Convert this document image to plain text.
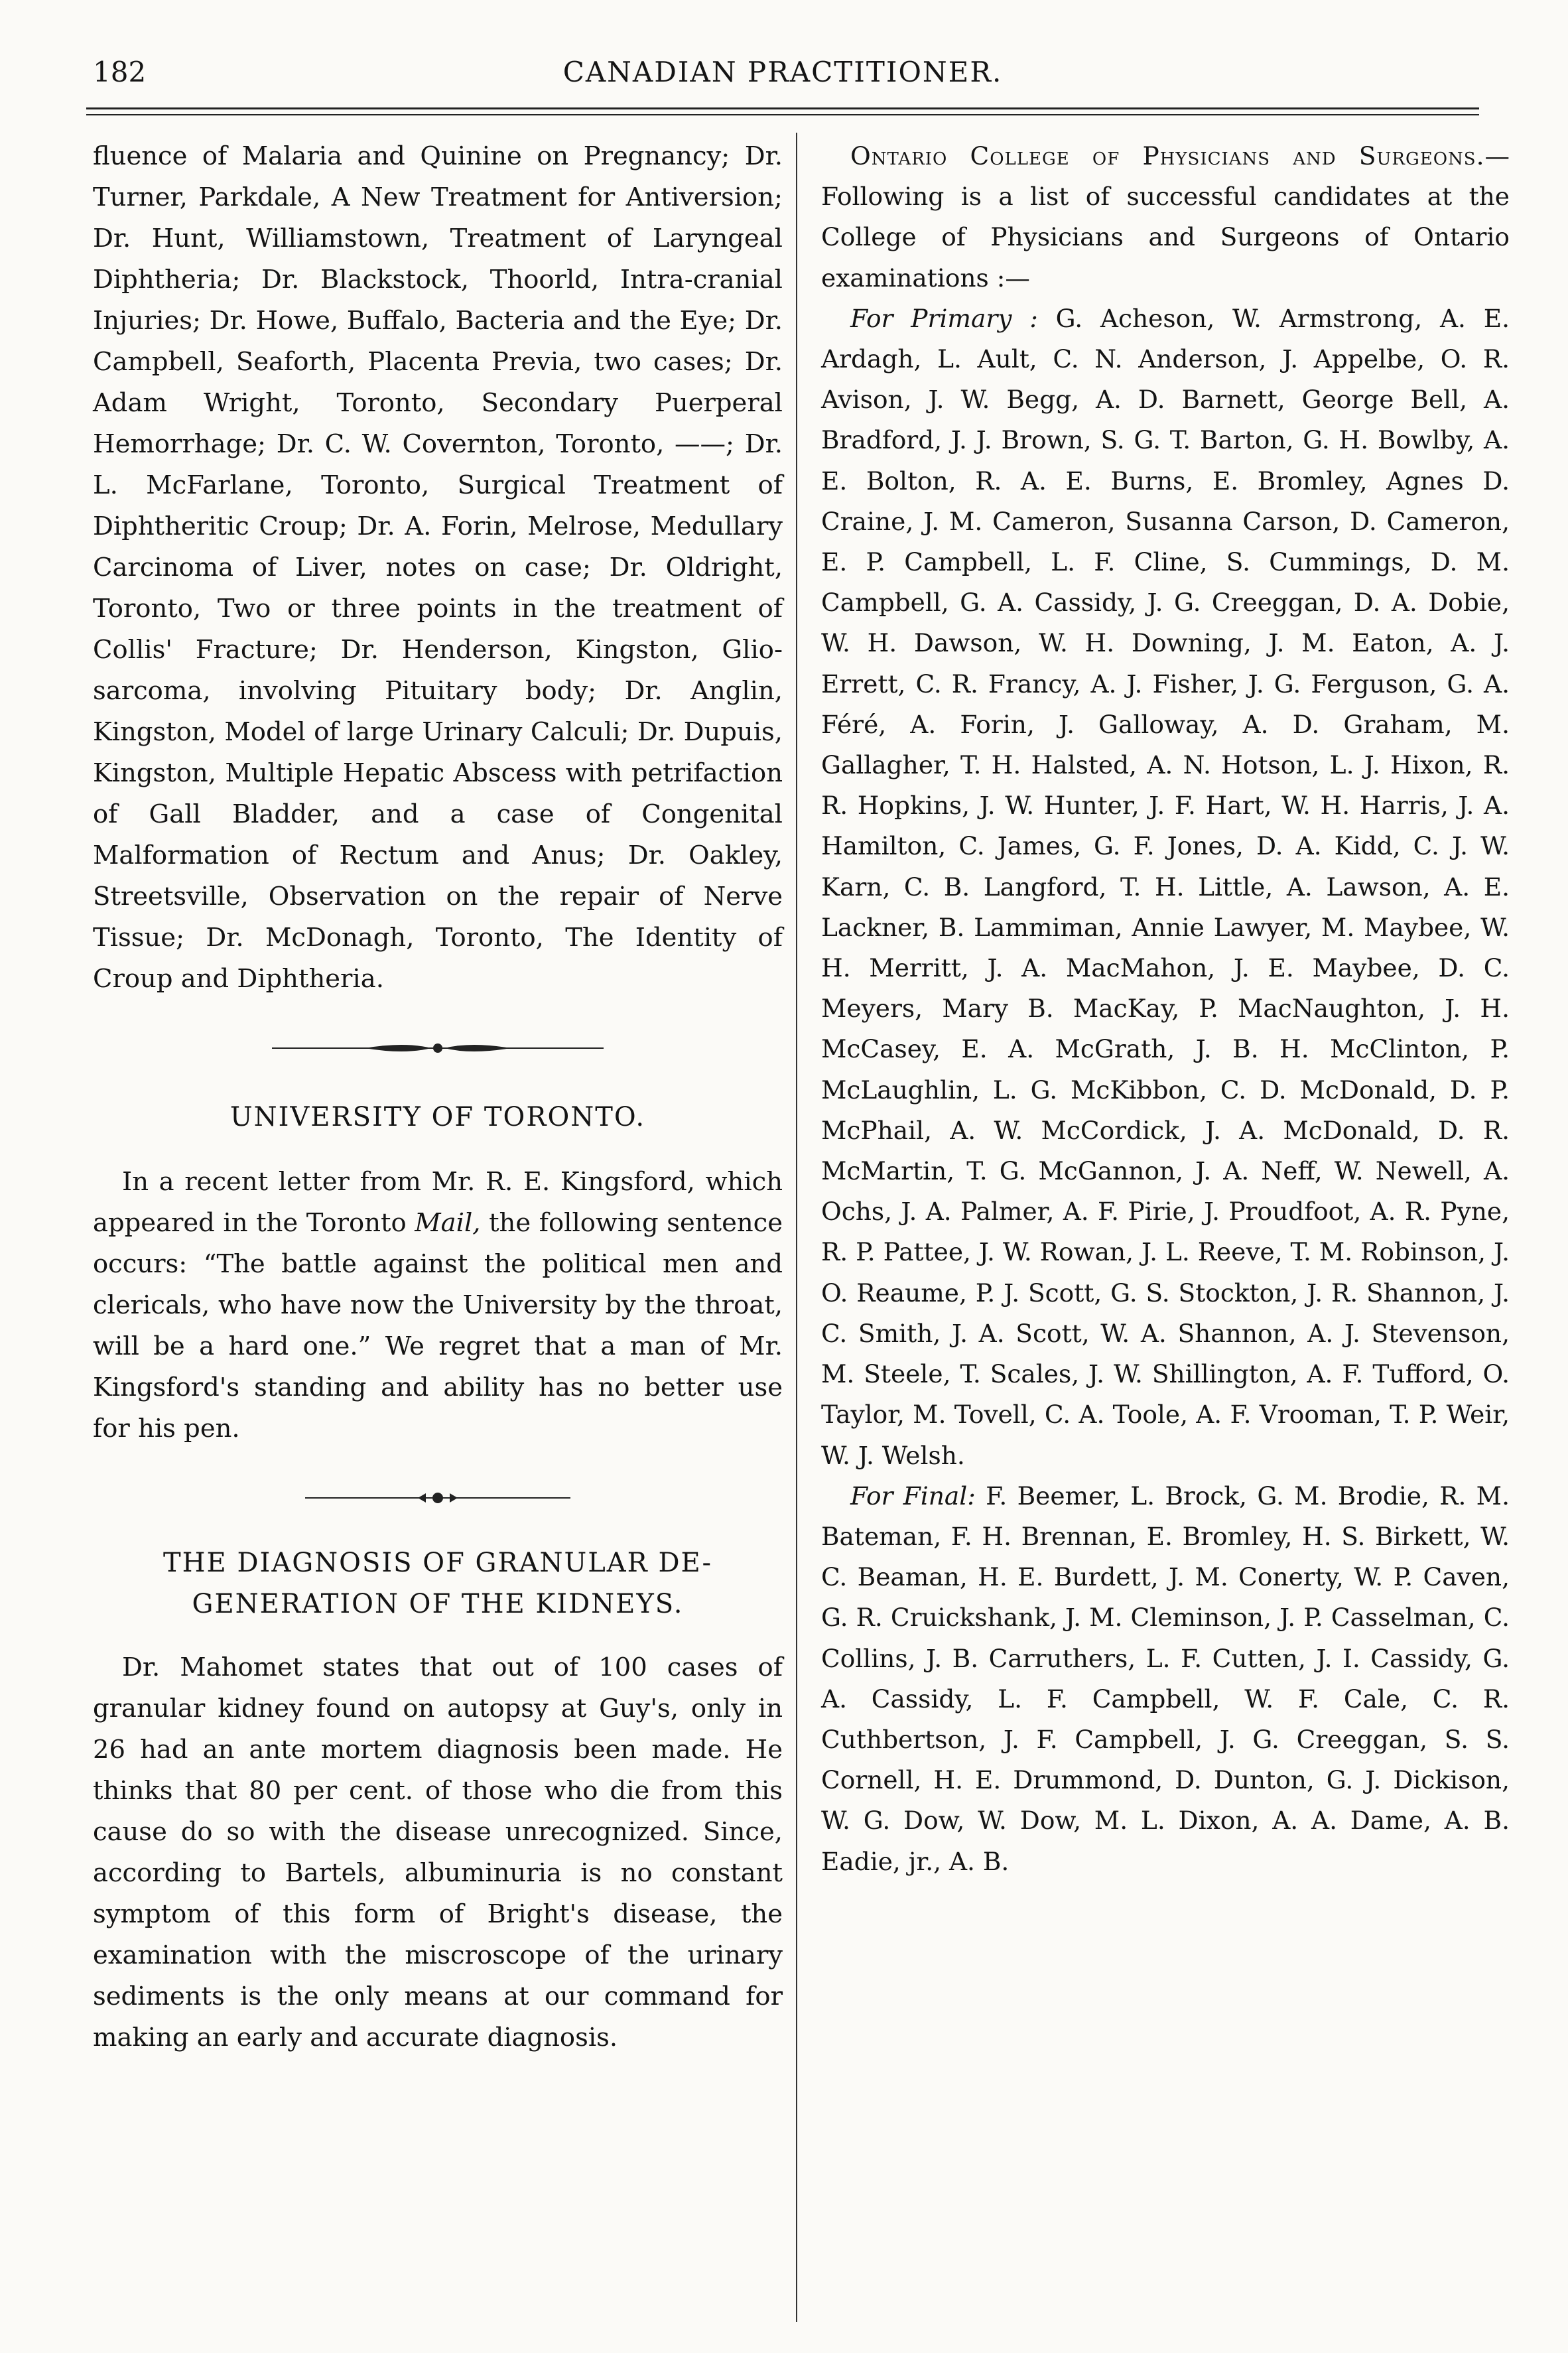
182	CANADIAN PRACTITIONER.

fluence of Malaria and Quinine on Pregnancy; Dr. Turner, Parkdale, A New Treatment for Antiversion; Dr. Hunt, Williamstown, Treatment of Laryngeal Diphtheria; Dr. Blackstock, Thoorld, Intra-cranial Injuries; Dr. Howe, Buffalo, Bacteria and the Eye; Dr. Campbell, Seaforth, Placenta Previa, two cases; Dr. Adam Wright, Toronto, Secondary Puerperal Hemorrhage; Dr. C. W. Covernton, Toronto, ——; Dr. L. McFarlane, Toronto, Surgical Treatment of Diphtheritic Croup; Dr. A. Forin, Melrose, Medullary Carcinoma of Liver, notes on case; Dr. Oldright, Toronto, Two or three points in the treatment of Collis' Fracture; Dr. Henderson, Kingston, Glio-sarcoma, involving Pituitary body; Dr. Anglin, Kingston, Model of large Urinary Calculi; Dr. Dupuis, Kingston, Multiple Hepatic Abscess with petrifaction of Gall Bladder, and a case of Congenital Malformation of Rectum and Anus; Dr. Oakley, Streetsville, Observation on the repair of Nerve Tissue; Dr. McDonagh, Toronto, The Identity of Croup and Diphtheria.

UNIVERSITY OF TORONTO.

In a recent letter from Mr. R. E. Kingsford, which appeared in the Toronto Mail, the following sentence occurs: “The battle against the political men and clericals, who have now the University by the throat, will be a hard one.” We regret that a man of Mr. Kingsford's standing and ability has no better use for his pen.

THE DIAGNOSIS OF GRANULAR DE-

GENERATION OF THE KIDNEYS.

Dr. Mahomet states that out of 100 cases of granular kidney found on autopsy at Guy's, only in 26 had an ante mortem diagnosis been made. He thinks that 80 per cent. of those who die from this cause do so with the disease unrecognized. Since, according to Bartels, albuminuria is no constant symptom of this form of Bright's disease, the examination with the miscroscope of the urinary sediments is the only means at our command for making an early and accurate diagnosis.

Ontario College of Physicians and Surgeons.—Following is a list of successful candidates at the College of Physicians and Surgeons of Ontario examinations :—

For Primary : G. Acheson, W. Armstrong, A. E. Ardagh, L. Ault, C. N. Anderson, J. Appelbe, O. R. Avison, J. W. Begg, A. D. Barnett, George Bell, A. Bradford, J. J. Brown, S. G. T. Barton, G. H. Bowlby, A. E. Bolton, R. A. E. Burns, E. Bromley, Agnes D. Craine, J. M. Cameron, Susanna Carson, D. Cameron, E. P. Campbell, L. F. Cline, S. Cummings, D. M. Campbell, G. A. Cassidy, J. G. Creeggan, D. A. Dobie, W. H. Dawson, W. H. Downing, J. M. Eaton, A. J. Errett, C. R. Francy, A. J. Fisher, J. G. Ferguson, G. A. Féré, A. Forin, J. Galloway, A. D. Graham, M. Gallagher, T. H. Halsted, A. N. Hotson, L. J. Hixon, R. R. Hopkins, J. W. Hunter, J. F. Hart, W. H. Harris, J. A. Hamilton, C. James, G. F. Jones, D. A. Kidd, C. J. W. Karn, C. B. Langford, T. H. Little, A. Lawson, A. E. Lackner, B. Lammiman, Annie Lawyer, M. Maybee, W. H. Merritt, J. A. MacMahon, J. E. Maybee, D. C. Meyers, Mary B. MacKay, P. MacNaughton, J. H. McCasey, E. A. McGrath, J. B. H. McClinton, P. McLaughlin, L. G. McKibbon, C. D. McDonald, D. P. McPhail, A. W. McCordick, J. A. McDonald, D. R. McMartin, T. G. McGannon, J. A. Neff, W. Newell, A. Ochs, J. A. Palmer, A. F. Pirie, J. Proudfoot, A. R. Pyne, R. P. Pattee, J. W. Rowan, J. L. Reeve, T. M. Robinson, J. O. Reaume, P. J. Scott, G. S. Stockton, J. R. Shannon, J. C. Smith, J. A. Scott, W. A. Shannon, A. J. Stevenson, M. Steele, T. Scales, J. W. Shillington, A. F. Tufford, O. Taylor, M. Tovell, C. A. Toole, A. F. Vrooman, T. P. Weir, W. J. Welsh.

For Final: F. Beemer, L. Brock, G. M. Brodie, R. M. Bateman, F. H. Brennan, E. Bromley, H. S. Birkett, W. C. Beaman, H. E. Burdett, J. M. Conerty, W. P. Caven, G. R. Cruickshank, J. M. Cleminson, J. P. Casselman, C. Collins, J. B. Carruthers, L. F. Cutten, J. I. Cassidy, G. A. Cassidy, L. F. Campbell, W. F. Cale, C. R. Cuthbertson, J. F. Campbell, J. G. Creeggan, S. S. Cornell, H. E. Drummond, D. Dunton, G. J. Dickison, W. G. Dow, W. Dow, M. L. Dixon, A. A. Dame, A. B. Eadie, jr., A. B.
